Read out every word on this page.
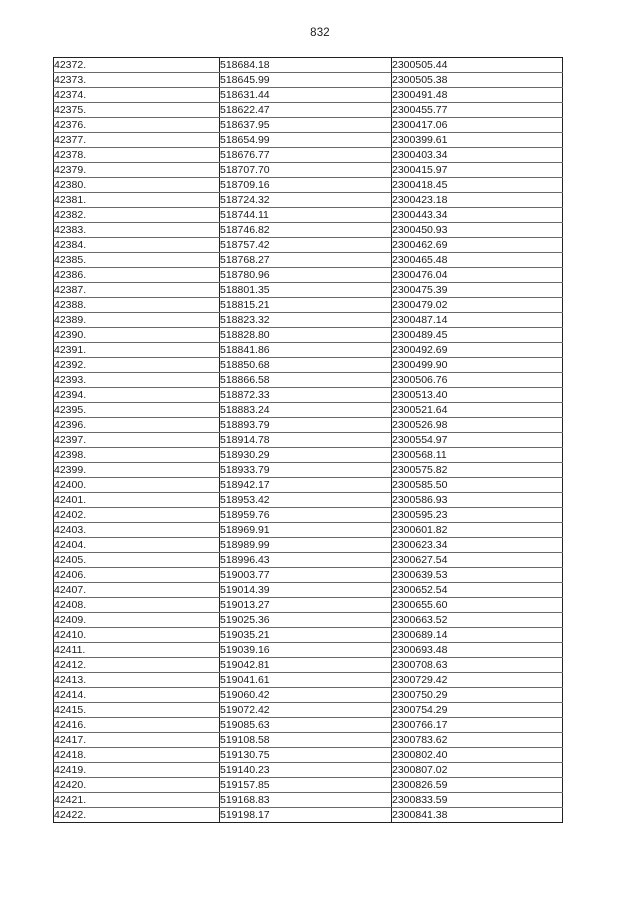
832
42372.	518684.18	2300505.44
42373.	518645.99	2300505.38
42374.	518631.44	2300491.48
42375.	518622.47	2300455.77
42376.	518637.95	2300417.06
42377.	518654.99	2300399.61
42378.	518676.77	2300403.34
42379.	518707.70	2300415.97
42380.	518709.16	2300418.45
42381.	518724.32	2300423.18
42382.	518744.11	2300443.34
42383.	518746.82	2300450.93
42384.	518757.42	2300462.69
42385.	518768.27	2300465.48
42386.	518780.96	2300476.04
42387.	518801.35	2300475.39
42388.	518815.21	2300479.02
42389.	518823.32	2300487.14
42390.	518828.80	2300489.45
42391.	518841.86	2300492.69
42392.	518850.68	2300499.90
42393.	518866.58	2300506.76
42394.	518872.33	2300513.40
42395.	518883.24	2300521.64
42396.	518893.79	2300526.98
42397.	518914.78	2300554.97
42398.	518930.29	2300568.11
42399.	518933.79	2300575.82
42400.	518942.17	2300585.50
42401.	518953.42	2300586.93
42402.	518959.76	2300595.23
42403.	518969.91	2300601.82
42404.	518989.99	2300623.34
42405.	518996.43	2300627.54
42406.	519003.77	2300639.53
42407.	519014.39	2300652.54
42408.	519013.27	2300655.60
42409.	519025.36	2300663.52
42410.	519035.21	2300689.14
42411.	519039.16	2300693.48
42412.	519042.81	2300708.63
42413.	519041.61	2300729.42
42414.	519060.42	2300750.29
42415.	519072.42	2300754.29
42416.	519085.63	2300766.17
42417.	519108.58	2300783.62
42418.	519130.75	2300802.40
42419.	519140.23	2300807.02
42420.	519157.85	2300826.59
42421.	519168.83	2300833.59
42422.	519198.17	2300841.38
